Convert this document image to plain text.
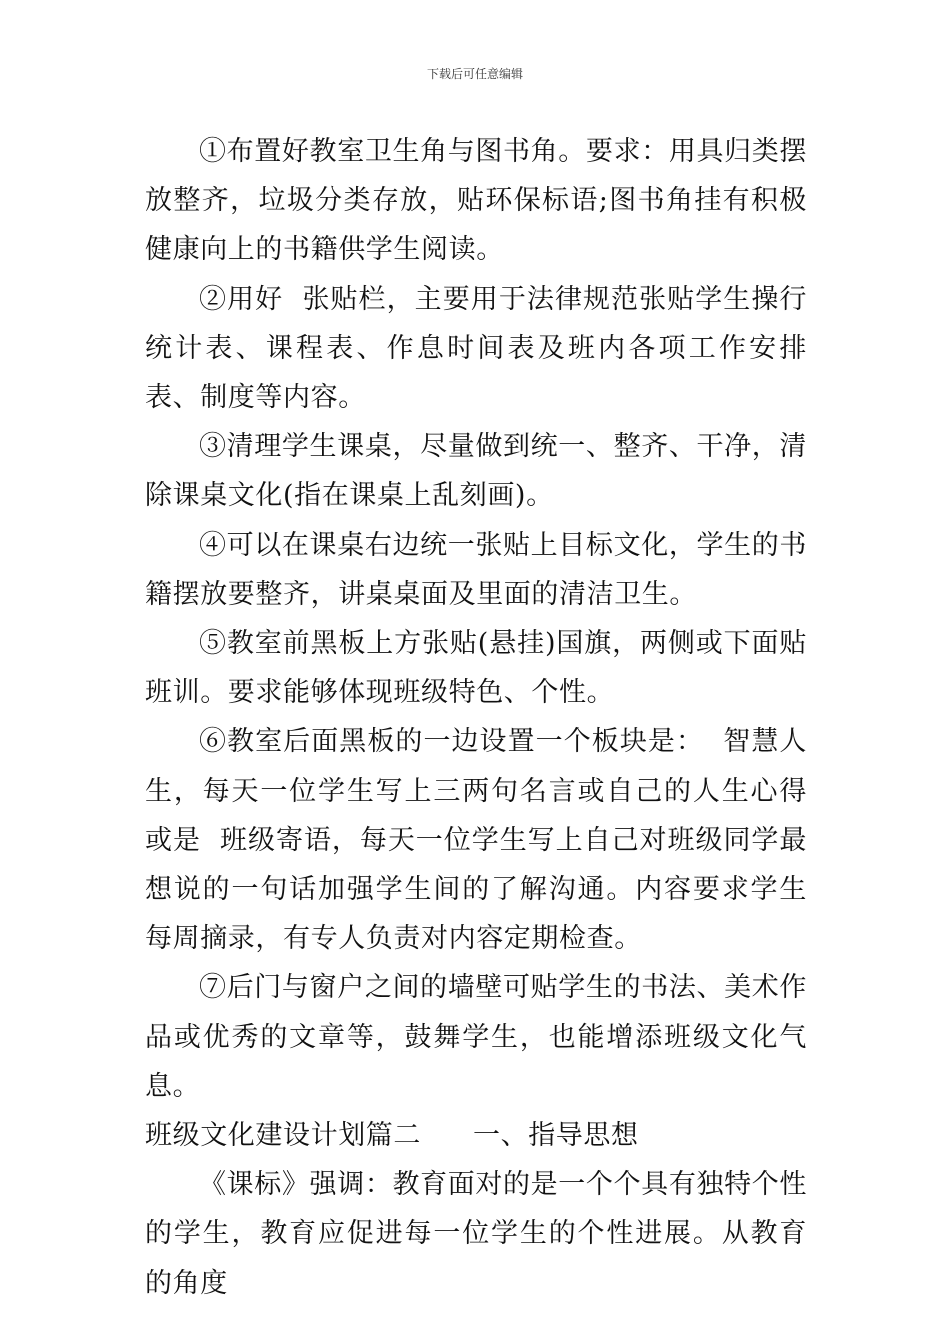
下载后可任意编辑

①布置好教室卫生角与图书角。要求：用具归类摆放整齐，垃圾分类存放，贴环保标语;图书角挂有积极健康向上的书籍供学生阅读。

②用好  张贴栏，主要用于法律规范张贴学生操行统计表、课程表、作息时间表及班内各项工作安排表、制度等内容。

③清理学生课桌，尽量做到统一、整齐、干净，清除课桌文化(指在课桌上乱刻画)。

④可以在课桌右边统一张贴上目标文化，学生的书籍摆放要整齐，讲桌桌面及里面的清洁卫生。

⑤教室前黑板上方张贴(悬挂)国旗，两侧或下面贴班训。要求能够体现班级特色、个性。

⑥教室后面黑板的一边设置一个板块是：  智慧人生，每天一位学生写上三两句名言或自己的人生心得或是  班级寄语，每天一位学生写上自己对班级同学最想说的一句话加强学生间的了解沟通。内容要求学生每周摘录，有专人负责对内容定期检查。

⑦后门与窗户之间的墙壁可贴学生的书法、美术作品或优秀的文章等，鼓舞学生，也能增添班级文化气息。

班级文化建设计划篇二 一、指导思想

《课标》强调：教育面对的是一个个具有独特个性的学生，教育应促进每一位学生的个性进展。从教育的角度
